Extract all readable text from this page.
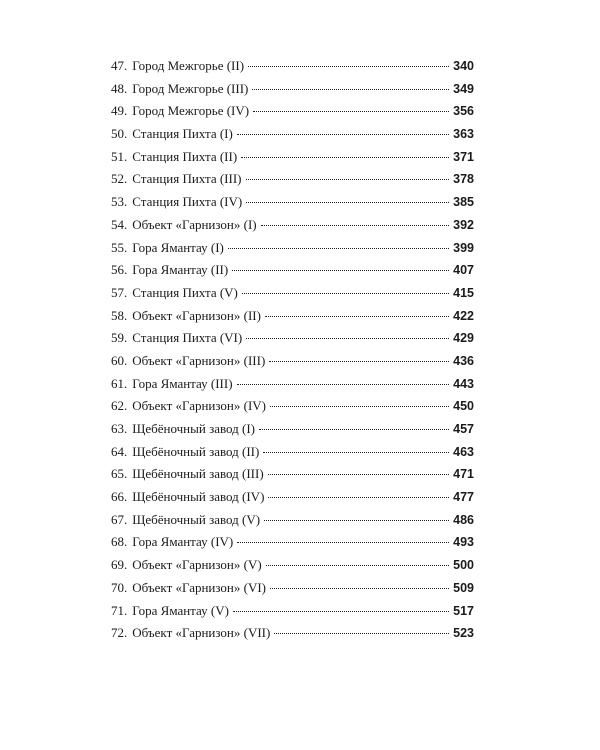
47. Город Межгорье (II)	340
48. Город Межгорье (III)	349
49. Город Межгорье (IV)	356
50. Станция Пихта (I)	363
51. Станция Пихта (II)	371
52. Станция Пихта (III)	378
53. Станция Пихта (IV)	385
54. Объект «Гарнизон» (I)	392
55. Гора Ямантау (I)	399
56. Гора Ямантау (II)	407
57. Станция Пихта (V)	415
58. Объект «Гарнизон» (II)	422
59. Станция Пихта (VI)	429
60. Объект «Гарнизон» (III)	436
61. Гора Ямантау (III)	443
62. Объект «Гарнизон» (IV)	450
63. Щебёночный завод (I)	457
64. Щебёночный завод (II)	463
65. Щебёночный завод (III)	471
66. Щебёночный завод (IV)	477
67. Щебёночный завод (V)	486
68. Гора Ямантау (IV)	493
69. Объект «Гарнизон» (V)	500
70. Объект «Гарнизон» (VI)	509
71. Гора Ямантау (V)	517
72. Объект «Гарнизон» (VII)	523
